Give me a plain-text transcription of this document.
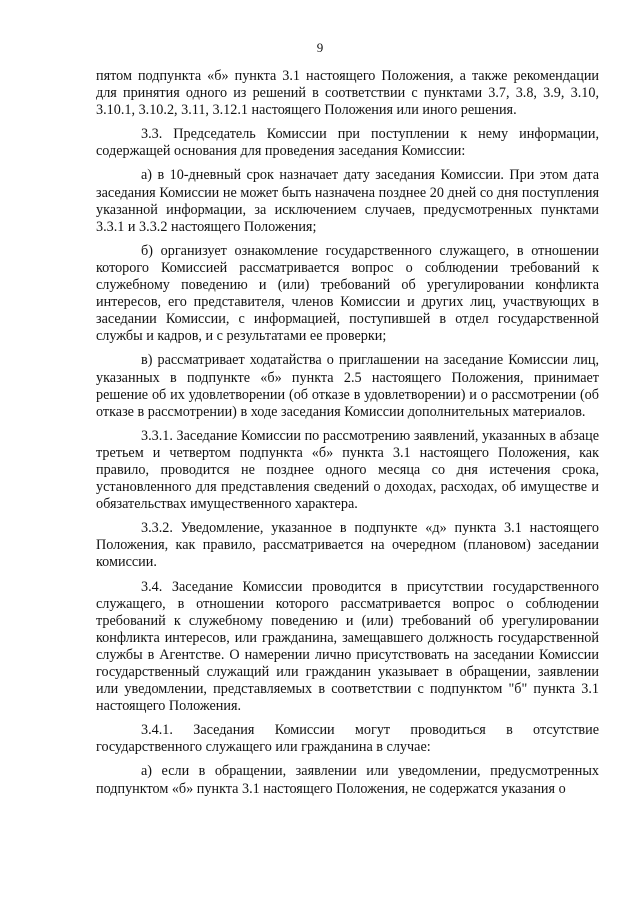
9

пятом подпункта «б» пункта 3.1 настоящего Положения, а также рекомендации для принятия одного из решений в соответствии с пунктами 3.7, 3.8, 3.9, 3.10, 3.10.1, 3.10.2, 3.11, 3.12.1 настоящего Положения или иного решения.

3.3. Председатель Комиссии при поступлении к нему информации, содержащей основания для проведения заседания Комиссии:

а) в 10-дневный срок назначает дату заседания Комиссии. При этом дата заседания Комиссии не может быть назначена позднее 20 дней со дня поступления указанной информации, за исключением случаев, предусмотренных пунктами 3.3.1 и 3.3.2 настоящего Положения;

б) организует ознакомление государственного служащего, в отношении которого Комиссией рассматривается вопрос о соблюдении требований к служебному поведению и (или) требований об урегулировании конфликта интересов, его представителя, членов Комиссии и других лиц, участвующих в заседании Комиссии, с информацией, поступившей в отдел государственной службы и кадров, и с результатами ее проверки;

в) рассматривает ходатайства о приглашении на заседание Комиссии лиц, указанных в подпункте «б» пункта 2.5 настоящего Положения, принимает решение об их удовлетворении (об отказе в удовлетворении) и о рассмотрении (об отказе в рассмотрении) в ходе заседания Комиссии дополнительных материалов.

3.3.1. Заседание Комиссии по рассмотрению заявлений, указанных в абзаце третьем и четвертом подпункта «б» пункта 3.1 настоящего Положения, как правило, проводится не позднее одного месяца со дня истечения срока, установленного для представления сведений о доходах, расходах, об имуществе и обязательствах имущественного характера.

3.3.2. Уведомление, указанное в подпункте «д» пункта 3.1 настоящего Положения, как правило, рассматривается на очередном (плановом) заседании комиссии.

3.4. Заседание Комиссии проводится в присутствии государственного служащего, в отношении которого рассматривается вопрос о соблюдении требований к служебному поведению и (или) требований об урегулировании конфликта интересов, или гражданина, замещавшего должность государственной службы в Агентстве. О намерении лично присутствовать на заседании Комиссии государственный служащий или гражданин указывает в обращении, заявлении или уведомлении, представляемых в соответствии с подпунктом "б" пункта 3.1 настоящего Положения.

3.4.1. Заседания Комиссии могут проводиться в отсутствие государственного служащего или гражданина в случае:

а) если в обращении, заявлении или уведомлении, предусмотренных подпунктом «б» пункта 3.1 настоящего Положения, не содержатся указания о
